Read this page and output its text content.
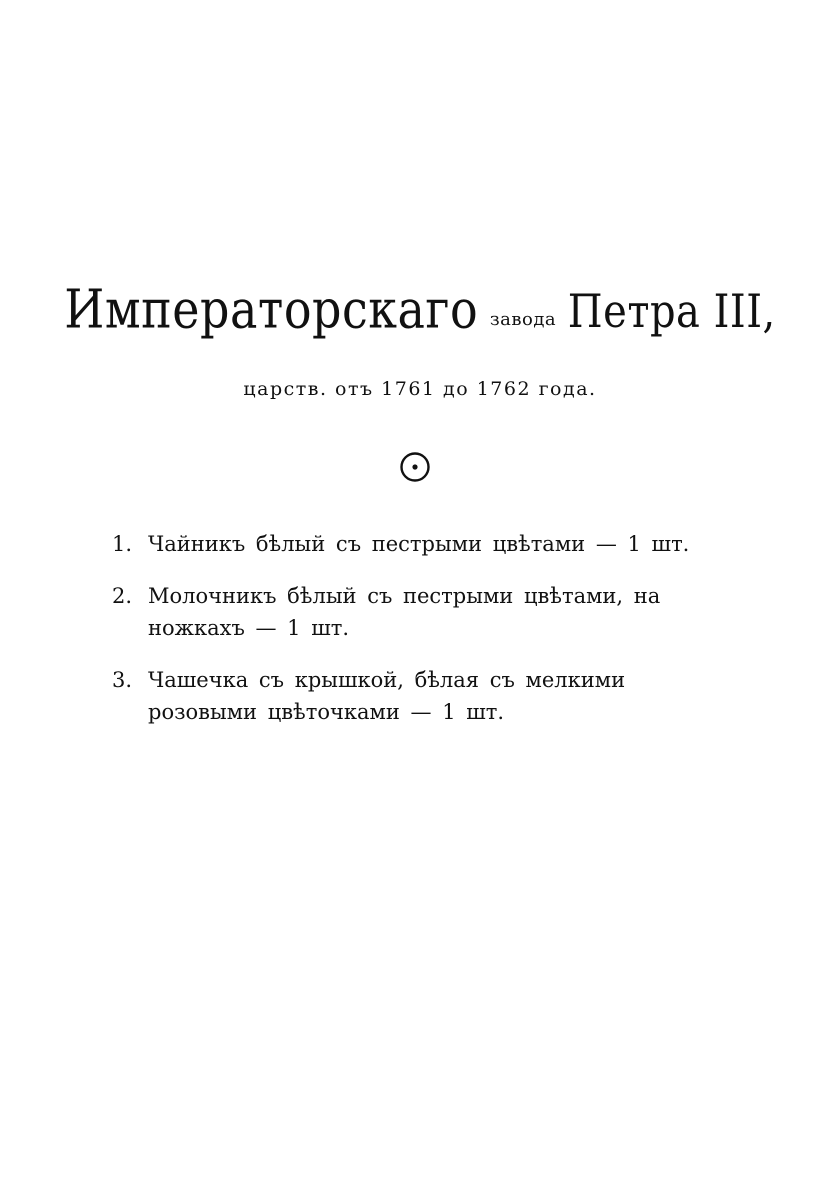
Императорскаго завода Петра III,
царств. отъ 1761 до 1762 года.
1. Чайникъ бѣлый съ пестрыми цвѣтами — 1 шт.
2. Молочникъ бѣлый съ пестрыми цвѣтами, на ножкахъ — 1 шт.
3. Чашечка съ крышкой, бѣлая съ мелкими розовыми цвѣточками — 1 шт.
